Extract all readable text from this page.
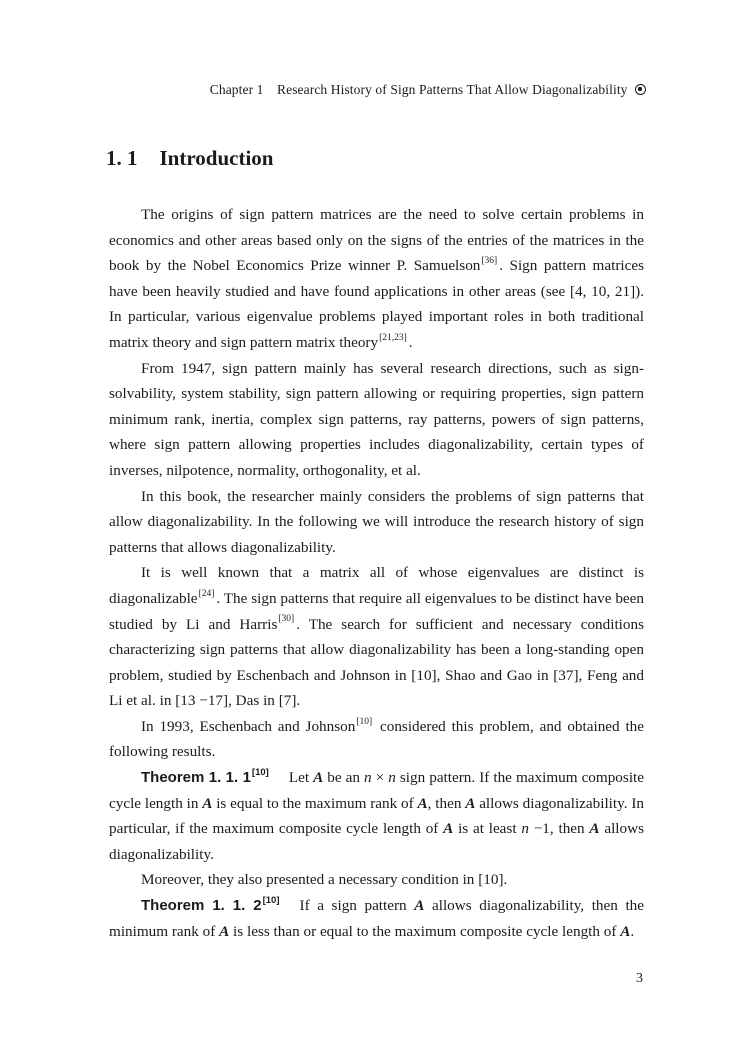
Chapter 1 Research History of Sign Patterns That Allow Diagonalizability
1. 1 Introduction

The origins of sign pattern matrices are the need to solve certain problems in economics and other areas based only on the signs of the entries of the matrices in the book by the Nobel Economics Prize winner P. Samuelson[36] . Sign pattern matrices have been heavily studied and have found applications in other areas (see [4, 10, 21]). In particular, various eigenvalue problems played important roles in both traditional matrix theory and sign pattern matrix theory[21,23] .

From 1947, sign pattern mainly has several research directions, such as sign-solvability, system stability, sign pattern allowing or requiring properties, sign pattern minimum rank, inertia, complex sign patterns, ray patterns, powers of sign patterns, where sign pattern allowing properties includes diagonalizability, certain types of inverses, nilpotence, normality, orthogonality, et al.

In this book, the researcher mainly considers the problems of sign patterns that allow diagonalizability. In the following we will introduce the research history of sign patterns that allows diagonalizability.

It is well known that a matrix all of whose eigenvalues are distinct is diagonalizable[24] . The sign patterns that require all eigenvalues to be distinct have been studied by Li and Harris[30] . The search for sufficient and necessary conditions characterizing sign patterns that allow diagonalizability has been a long-standing open problem, studied by Eschenbach and Johnson in [10], Shao and Gao in [37], Feng and Li et al. in [13 −17], Das in [7].

In 1993, Eschenbach and Johnson[10] considered this problem, and obtained the following results.

Theorem 1. 1. 1[10] Let A be an n × n sign pattern. If the maximum composite cycle length in A is equal to the maximum rank of A, then A allows diagonalizability. In particular, if the maximum composite cycle length of A is at least n −1, then A allows diagonalizability.

Moreover, they also presented a necessary condition in [10].

Theorem 1. 1. 2[10] If a sign pattern A allows diagonalizability, then the minimum rank of A is less than or equal to the maximum composite cycle length of A.

3
